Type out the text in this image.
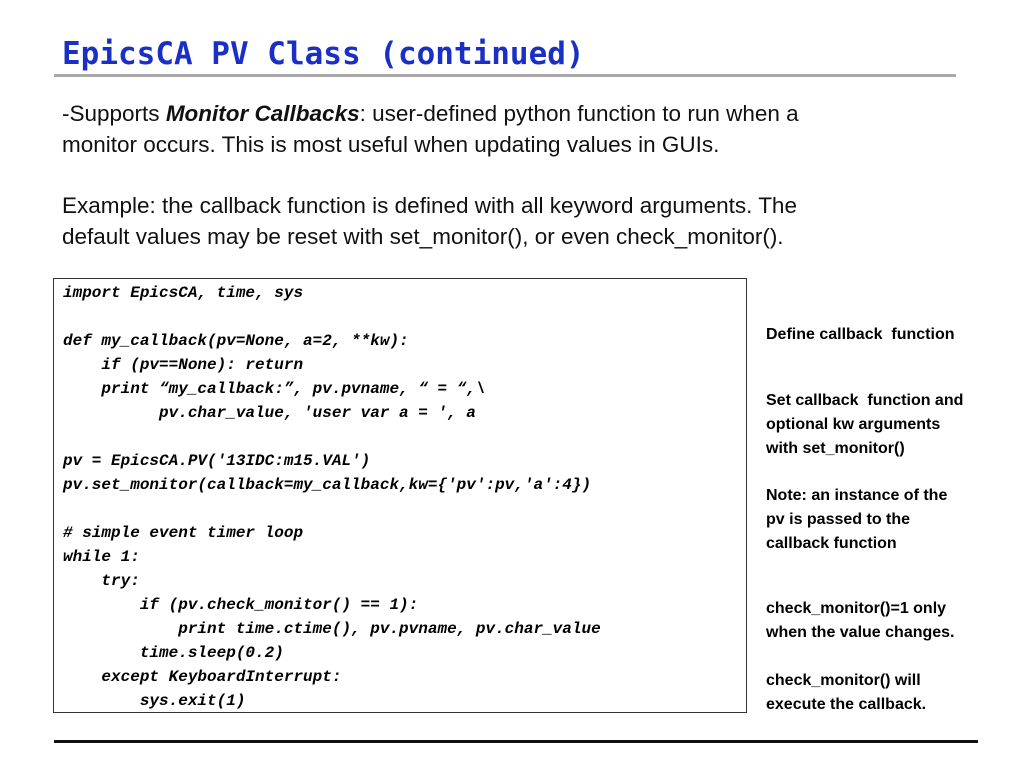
EpicsCA PV Class (continued)

-Supports Monitor Callbacks: user-defined python function to run when a
monitor occurs. This is most useful when updating values in GUIs.

Example: the callback function is defined with all keyword arguments. The
default values may be reset with set_monitor(), or even check_monitor().

import EpicsCA, time, sys
def my_callback(pv=None, a=2, **kw):
if (pv==None): return
print “my_callback:”, pv.pvname, “ = “,\
pv.char_value, 'user var a = ', a
pv = EpicsCA.PV('13IDC:m15.VAL')
pv.set_monitor(callback=my_callback,kw={'pv':pv,'a':4})
# simple event timer loop
while 1:
try:
if (pv.check_monitor() == 1):
print time.ctime(), pv.pvname, pv.char_value
time.sleep(0.2)
except KeyboardInterrupt:
sys.exit(1)
Define callback  function
Set callback  function and
optional kw arguments
with set_monitor()
Note: an instance of the
pv is passed to the
callback function
check_monitor()=1 only
when the value changes.
check_monitor() will
execute the callback.
